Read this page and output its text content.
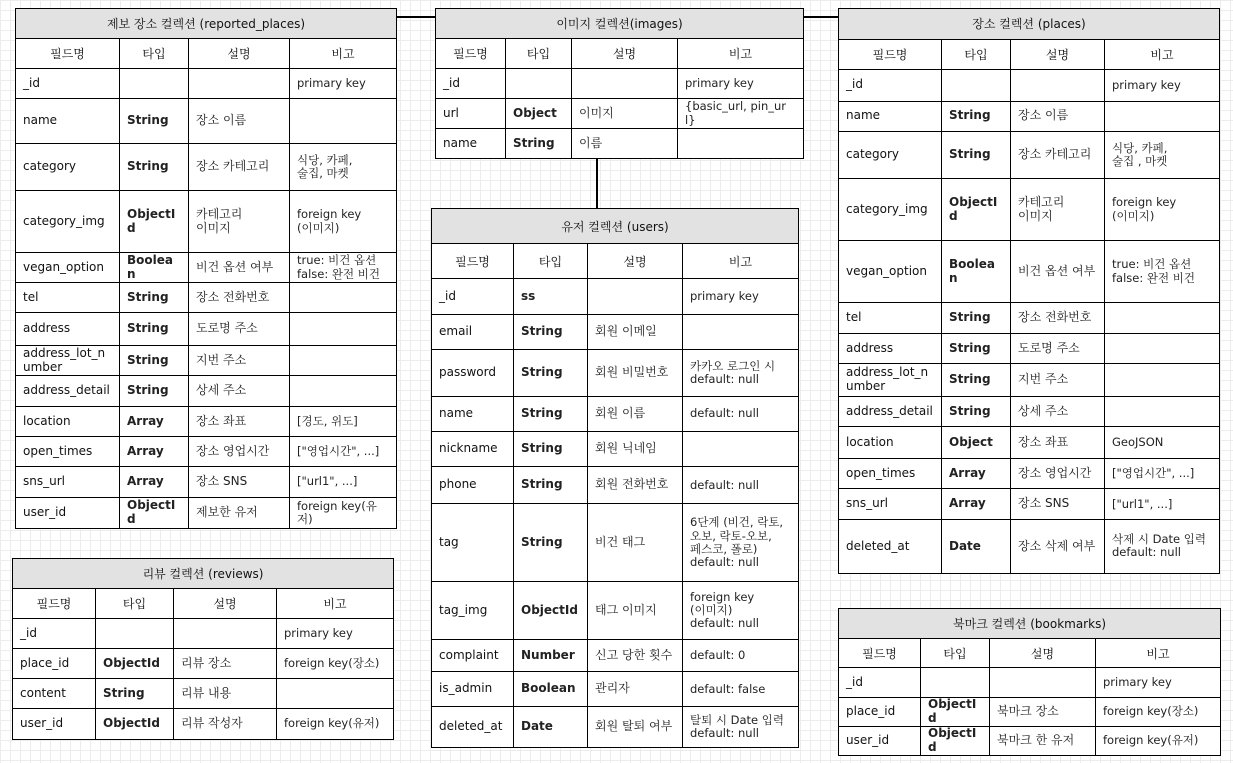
제보 장소 컬렉션 (reported_places)			
필드명	타입	설명	비고
_id			primary key
name	String	장소 이름	
category	String	장소 카테고리	식당, 카페,
술집, 마켓
category_img	ObjectId	카테고리
이미지	foreign key
(이미지)
vegan_option	Boolean	비건 옵션 여부	true: 비건 옵션
false: 완전 비건
tel	String	장소 전화번호	
address	String	도로명 주소	
address_lot_number	String	지번 주소	
address_detail	String	상세 주소	
location	Array	장소 좌표	[경도, 위도]
open_times	Array	장소 영업시간	["영업시간", ...]
sns_url	Array	장소 SNS	["url1", ...]
user_id	ObjectId	제보한 유저	foreign key(유저)
이미지 컬렉션(images)			
필드명	타입	설명	비고
_id			primary key
url	Object	이미지	{basic_url, pin_url}
name	String	이름	
장소 컬렉션 (places)			
필드명	타입	설명	비고
_id			primary key
name	String	장소 이름	
category	String	장소 카테고리	식당, 카페,
술집 , 마켓
category_img	ObjectId	카테고리
이미지	foreign key
(이미지)
vegan_option	Boolean	비건 옵션 여부	true: 비건 옵션
false: 완전 비건
tel	String	장소 전화번호	
address	String	도로명 주소	
address_lot_number	String	지번 주소	
address_detail	String	상세 주소	
location	Object	장소 좌표	GeoJSON
open_times	Array	장소 영업시간	["영업시간", ...]
sns_url	Array	장소 SNS	["url1", ...]
deleted_at	Date	장소 삭제 여부	삭제 시 Date 입력
default: null
유저 컬렉션 (users)			
필드명	타입	설명	비고
_id	ss		primary key
email	String	회원 이메일	
password	String	회원 비밀번호	카카오 로그인 시
default: null
name	String	회원 이름	default: null
nickname	String	회원 닉네임	
phone	String	회원 전화번호	default: null
tag	String	비건 태그	6단계 (비건, 락토,
오보, 락토-오보,
페스코, 폴로)
default: null
tag_img	ObjectId	태그 이미지	foreign key
(이미지)
default: null
complaint	Number	신고 당한 횟수	default: 0
is_admin	Boolean	관리자	default: false
deleted_at	Date	회원 탈퇴 여부	탈퇴 시 Date 입력
default: null
리뷰 컬렉션 (reviews)			
필드명	타입	설명	비고
_id			primary key
place_id	ObjectId	리뷰 장소	foreign key(장소)
content	String	리뷰 내용	
user_id	ObjectId	리뷰 작성자	foreign key(유저)
북마크 컬렉션 (bookmarks)			
필드명	타입	설명	비고
_id			primary key
place_id	ObjectId	북마크 장소	foreign key(장소)
user_id	ObjectId	북마크 한 유저	foreign key(유저)
